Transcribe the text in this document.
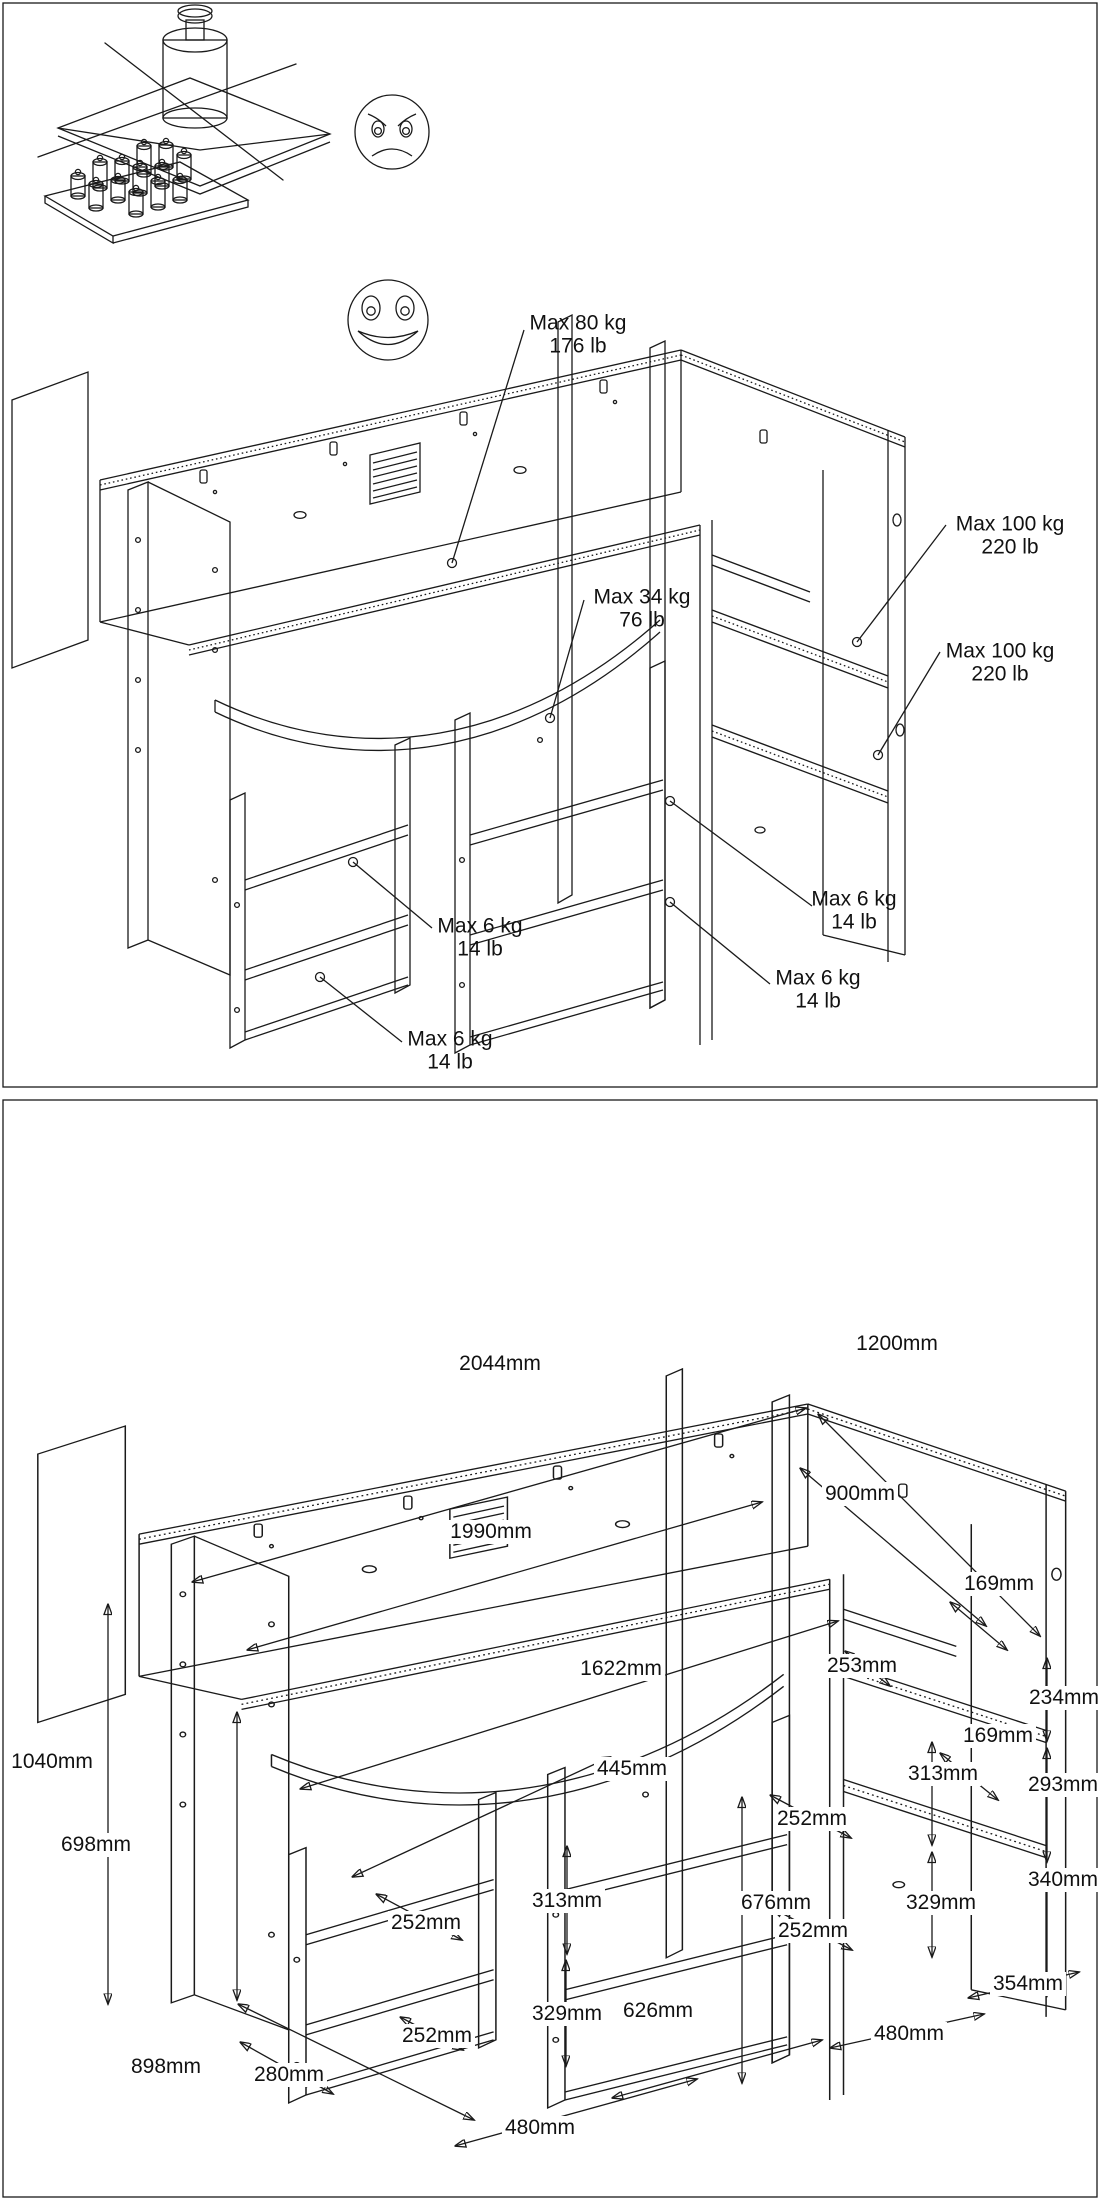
Max 80 kg
176 lb
Max 34 kg
76 lb
Max 100 kg
220 lb
Max 100 kg
220 lb
Max 6 kg
14 lb
Max 6 kg
14 lb
Max 6 kg
14 lb
Max 6 kg
14 lb
2044mm
1200mm
900mm
1990mm
1622mm	253mm
169mm
234mm
169mm
313mm 293mm
340mm
445mm
313mm
329mm
252mm
252mm
676mm
252mm
252mm
329mm
1040mm
698mm
898mm	280mm
480mm
626mm
480mm
354mm
